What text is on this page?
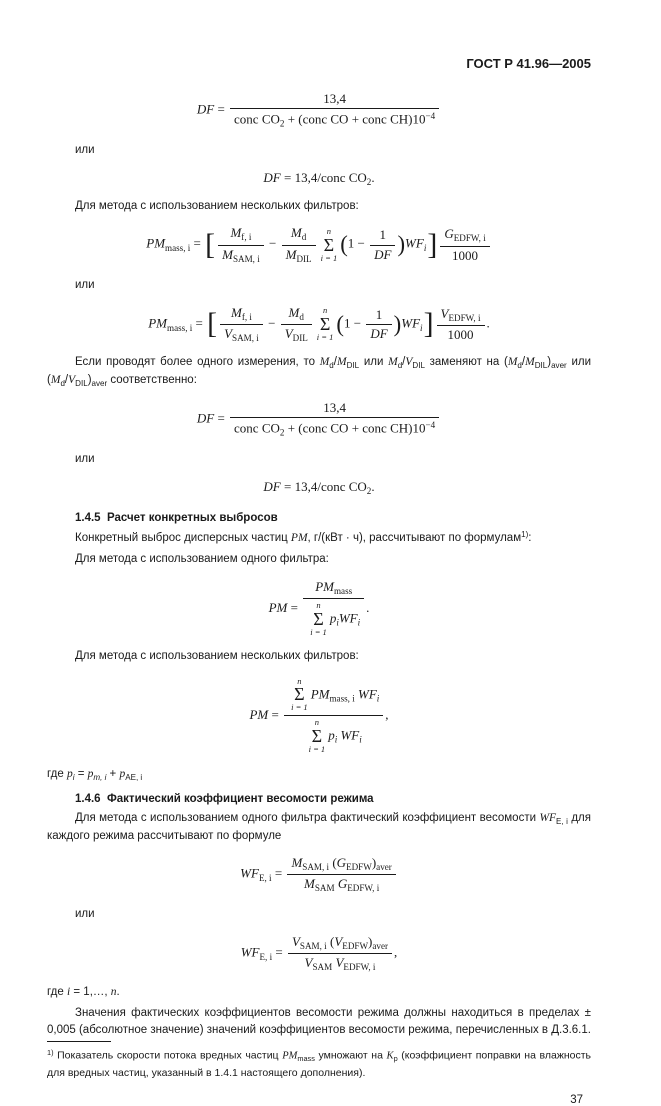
ГОСТ Р 41.96—2005
DF =
13,4
conc $CO_2$ + (conc CO + conc $CH)10^{-4}$
или
DF = 13,4/conc $CO_2$.
Для метода с использованием нескольких фильтров:
$PM_{mass, i}$ = [	$M_{f, i}$
$M_{SAM, i}$
−
$M_d$
$M_{DIL}$
n
Σ
i = 1
$(1 - \frac{1}{DF} )WF_i$] $G_{EDFW, i}$
1000
или
$PM_{mass, i}$ = [	$M_{f, i}$
$V_{SAM, i}$
−
$M_d$
$V_{DIL}$
n
Σ
i = 1
$(1 - \frac{1}{DF} )WF_i$] $V_{EDFW, i}$
1000
.
Если проводят более одного измерения, то $M_d/M_{DIL}$ или $M_d/V_{DIL}$ заменяют на $(M_d/M_{DIL})_{aver}$ или $(M_d/V_{DIL})_{aver}$ соответственно:
DF =
13,4
conc $CO_2$ + (conc CO + conc $CH)10^{-4}$
или
DF = 13,4/conc $CO_2$.
1.4.5  Расчет конкретных выбросов
Конкретный выброс дисперсных частиц PM, г/(кВт · ч), рассчитывают по формулам$^{1)}$:
Для метода с использованием одного фильтра:
PM =
$PM_{mass}$
n
Σ
i = 1
$p_iWF_i$
.
Для метода с использованием нескольких фильтров:
PM =
n
Σ
i = 1
$PM_{mass, i}$ $WF_i$
n
Σ
i = 1
$p_i$ $WF_i$
,
где $p_i = p_{m, i} + p_{AE, i}$
1.4.6  Фактический коэффициент весомости режима
Для метода с использованием одного фильтра фактический коэффициент весомости $WF_{E, i}$ для каждого режима рассчитывают по формуле
$WF_{E, i}$ =
$M_{SAM, i}$ $(G_{EDFW})_{aver}$
$M_{SAM}$ $G_{EDFW, i}$
или
$WF_{E, i}$ =
$V_{SAM, i}$ $(V_{EDFW})_{aver}$
$V_{SAM}$ $V_{EDFW, i}$
,
где i = 1,…, n.
Значения фактических коэффициентов весомости режима должны находиться в пределах ± 0,005 (абсолютное значение) значений коэффициентов весомости режима, перечисленных в Д.3.6.1.
$^{1)}$ Показатель скорости потока вредных частиц $PM_{mass}$ умножают на $K_p$ (коэффициент поправки на влажность для вредных частиц, указанный в 1.4.1 настоящего дополнения).
37
